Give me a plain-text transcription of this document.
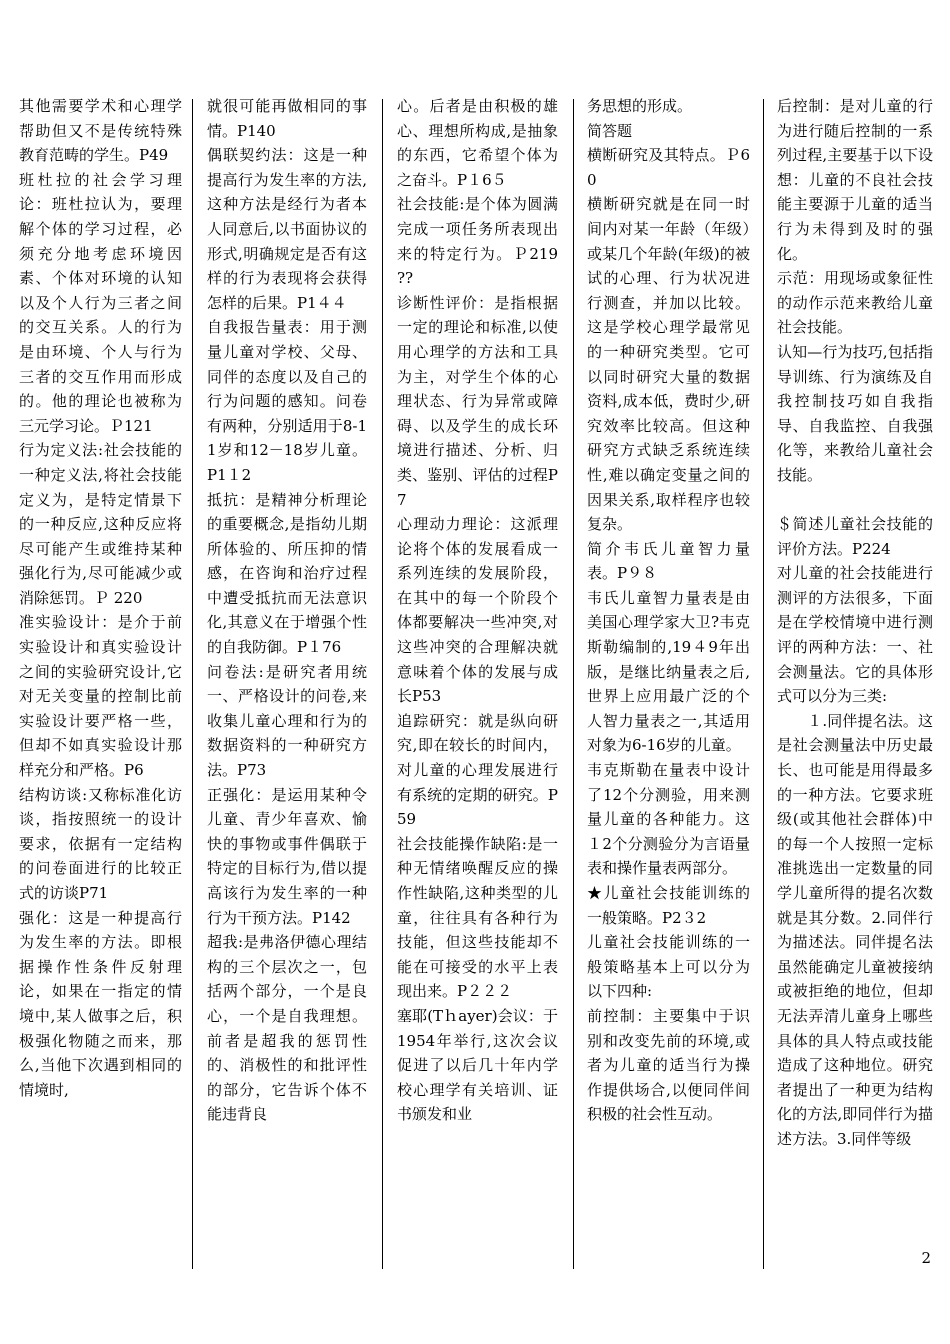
其他需要学术和心理学帮助但又不是传统特殊教育范畴的学生。P49

班杜拉的社会学习理论：班杜拉认为，要理解个体的学习过程，必须充分地考虑环境因素、个体对环境的认知以及个人行为三者之间的交互关系。人的行为是由环境、个人与行为三者的交互作用而形成的。他的理论也被称为三元学习论。Ｐ121

行为定义法:社会技能的一种定义法,将社会技能定义为，是特定情景下的一种反应,这种反应将尽可能产生或维持某种强化行为,尽可能减少或消除惩罚。Ｐ 220

准实验设计：是介于前实验设计和真实验设计之间的实验研究设计,它对无关变量的控制比前实验设计要严格一些，但却不如真实验设计那样充分和严格。P6

结构访谈:又称标准化访谈，指按照统一的设计要求，依据有一定结构的问卷面进行的比较正式的访谈P71

强化：这是一种提高行为发生率的方法。即根据操作性条件反射理论，如果在一指定的情境中,某人做事之后，积极强化物随之而来，那么,当他下次遇到相同的情境时,

就很可能再做相同的事情。P140

偶联契约法：这是一种提高行为发生率的方法,这种方法是经行为者本人同意后,以书面协议的形式,明确规定是否有这样的行为表现将会获得怎样的后果。P1４４

自我报告量表：用于测量儿童对学校、父母、同伴的态度以及自己的行为问题的感知。问卷有两种，分别适用于8-11岁和12－18岁儿童。P1１2

抵抗：是精神分析理论的重要概念,是指幼儿期所体验的、所压抑的情感，在咨询和治疗过程中遭受抵抗而无法意识化,其意义在于增强个性的自我防御。P１76

问卷法:是研究者用统一、严格设计的问卷,来收集儿童心理和行为的数据资料的一种研究方法。P73

正强化：是运用某种令儿童、青少年喜欢、愉快的事物或事件偶联于特定的目标行为,借以提高该行为发生率的一种行为干预方法。P142

超我:是弗洛伊德心理结构的三个层次之一，包括两个部分，一个是良心，一个是自我理想。前者是超我的惩罚性的、消极性的和批评性的部分，它告诉个体不能违背良

心。后者是由积极的雄心、理想所构成,是抽象的东西，它希望个体为之奋斗。P１6５

社会技能:是个体为圆满完成一项任务所表现出来的特定行为。Ｐ219　??

诊断性评价：是指根据一定的理论和标准,以使用心理学的方法和工具为主，对学生个体的心理状态、行为异常或障碍、以及学生的成长环境进行描述、分析、归类、鉴别、评估的过程P7

心理动力理论：这派理论将个体的发展看成一系列连续的发展阶段，在其中的每一个阶段个体都要解决一些冲突,对这些冲突的合理解决就意味着个体的发展与成长P53

追踪研究：就是纵向研究,即在较长的时间内，对儿童的心理发展进行有系统的定期的研究。P59

社会技能操作缺陷:是一种无情绪唤醒反应的操作性缺陷,这种类型的儿童，往往具有各种行为技能，但这些技能却不能在可接受的水平上表现出来。P２２２

塞耶(Tｈayer)会议：于1954年举行,这次会议促进了以后几十年内学校心理学有关培训、证书颁发和业

务思想的形成。

简答题

横断研究及其特点。Ｐ60

横断研究就是在同一时间内对某一年龄（年级）或某几个年龄(年级)的被试的心理、行为状况进行测查，并加以比较。这是学校心理学最常见的一种研究类型。它可以同时研究大量的数据资料,成本低，费时少,研究效率比较高。但这种研究方式缺乏系统连续性,难以确定变量之间的因果关系,取样程序也较复杂。

简介韦氏儿童智力量表。P９８

韦氏儿童智力量表是由美国心理学家大卫?韦克斯勒编制的,19４9年出版，是继比纳量表之后,世界上应用最广泛的个人智力量表之一,其适用对象为6-16岁的儿童。

韦克斯勒在量表中设计了12个分测验，用来测量儿童的各种能力。这１2个分测验分为言语量表和操作量表两部分。

★儿童社会技能训练的一般策略。P2３2

儿童社会技能训练的一般策略基本上可以分为以下四种:

前控制：主要集中于识别和改变先前的环境,或者为儿童的适当行为操作提供场合,以便同伴间积极的社会性互动。

后控制：是对儿童的行为进行随后控制的一系列过程,主要基于以下设想：儿童的不良社会技能主要源于儿童的适当行为未得到及时的强化。

示范：用现场或象征性的动作示范来教给儿童社会技能。

认知—行为技巧,包括指导训练、行为演练及自我控制技巧如自我指导、自我监控、自我强化等，来教给儿童社会技能。

＄简述儿童社会技能的评价方法。P224

对儿童的社会技能进行测评的方法很多，下面是在学校情境中进行测评的两种方法：一、社会测量法。它的具体形式可以分为三类:

　　１.同伴提名法。这是社会测量法中历史最长、也可能是用得最多的一种方法。它要求班级(或其他社会群体)中的每一个人按照一定标准挑选出一定数量的同学儿童所得的提名次数就是其分数。2.同伴行为描述法。同伴提名法虽然能确定儿童被接纳或被拒绝的地位，但却无法弄清儿童身上哪些具体的具人特点或技能造成了这种地位。研究者提出了一种更为结构化的方法,即同伴行为描述方法。3.同伴等级

2
